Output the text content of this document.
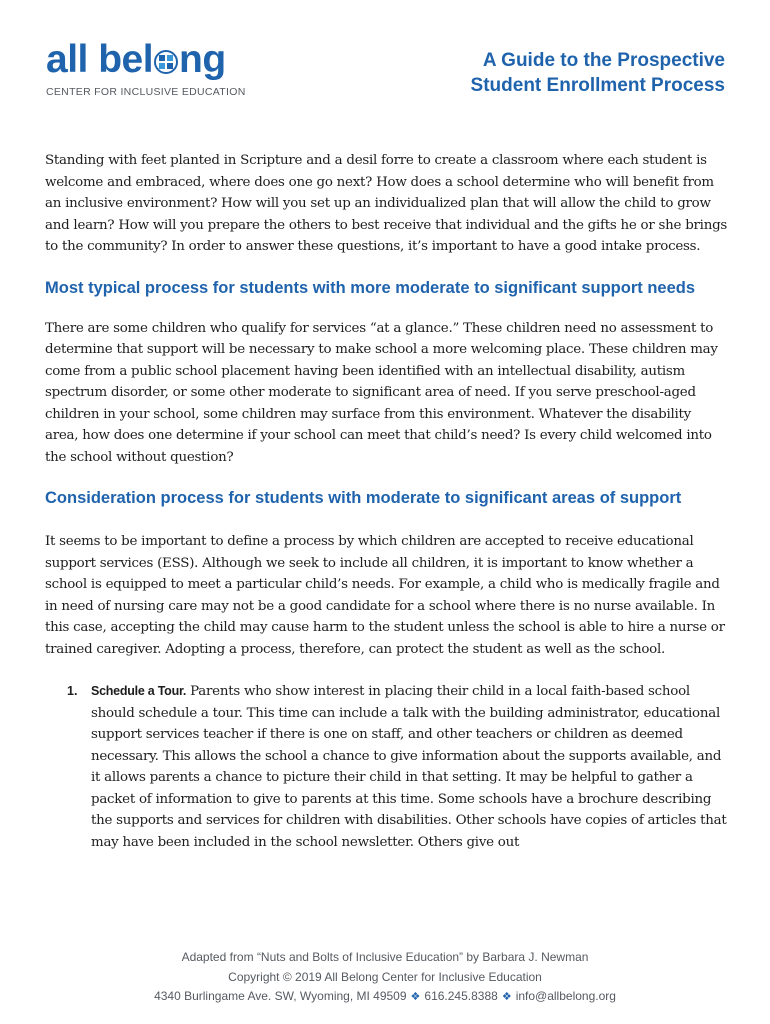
all bel ng
CENTER FOR INCLUSIVE EDUCATION
A Guide to the Prospective
Student Enrollment Process

Standing with feet planted in Scripture and a desil forre to create a classroom where each student is welcome and embraced, where does one go next? How does a school determine who will benefit from an inclusive environment? How will you set up an individualized plan that will allow the child to grow and learn? How will you prepare the others to best receive that individual and the gifts he or she brings to the community? In order to answer these questions, it’s important to have a good intake process.

Most typical process for students with more moderate to significant support needs

There are some children who qualify for services “at a glance.” These children need no assessment to determine that support will be necessary to make school a more welcoming place. These children may come from a public school placement having been identified with an intellectual disability, autism spectrum disorder, or some other moderate to significant area of need. If you serve preschool-aged children in your school, some children may surface from this environment. Whatever the disability area, how does one determine if your school can meet that child’s need? Is every child welcomed into the school without question?

Consideration process for students with moderate to significant areas of support

It seems to be important to define a process by which children are accepted to receive educational support services (ESS). Although we seek to include all children, it is important to know whether a school is equipped to meet a particular child’s needs. For example, a child who is medically fragile and in need of nursing care may not be a good candidate for a school where there is no nurse available. In this case, accepting the child may cause harm to the student unless the school is able to hire a nurse or trained caregiver. Adopting a process, therefore, can protect the student as well as the school.

1. Schedule a Tour. Parents who show interest in placing their child in a local faith-based school should schedule a tour. This time can include a talk with the building administrator, educational support services teacher if there is one on staff, and other teachers or children as deemed necessary. This allows the school a chance to give information about the supports available, and it allows parents a chance to picture their child in that setting. It may be helpful to gather a packet of information to give to parents at this time. Some schools have a brochure describing the supports and services for children with disabilities. Other schools have copies of articles that may have been included in the school newsletter. Others give out
Adapted from “Nuts and Bolts of Inclusive Education” by Barbara J. Newman
Copyright © 2019 All Belong Center for Inclusive Education
4340 Burlingame Ave. SW, Wyoming, MI 49509 ❖ 616.245.8388 ❖ info@allbelong.org
